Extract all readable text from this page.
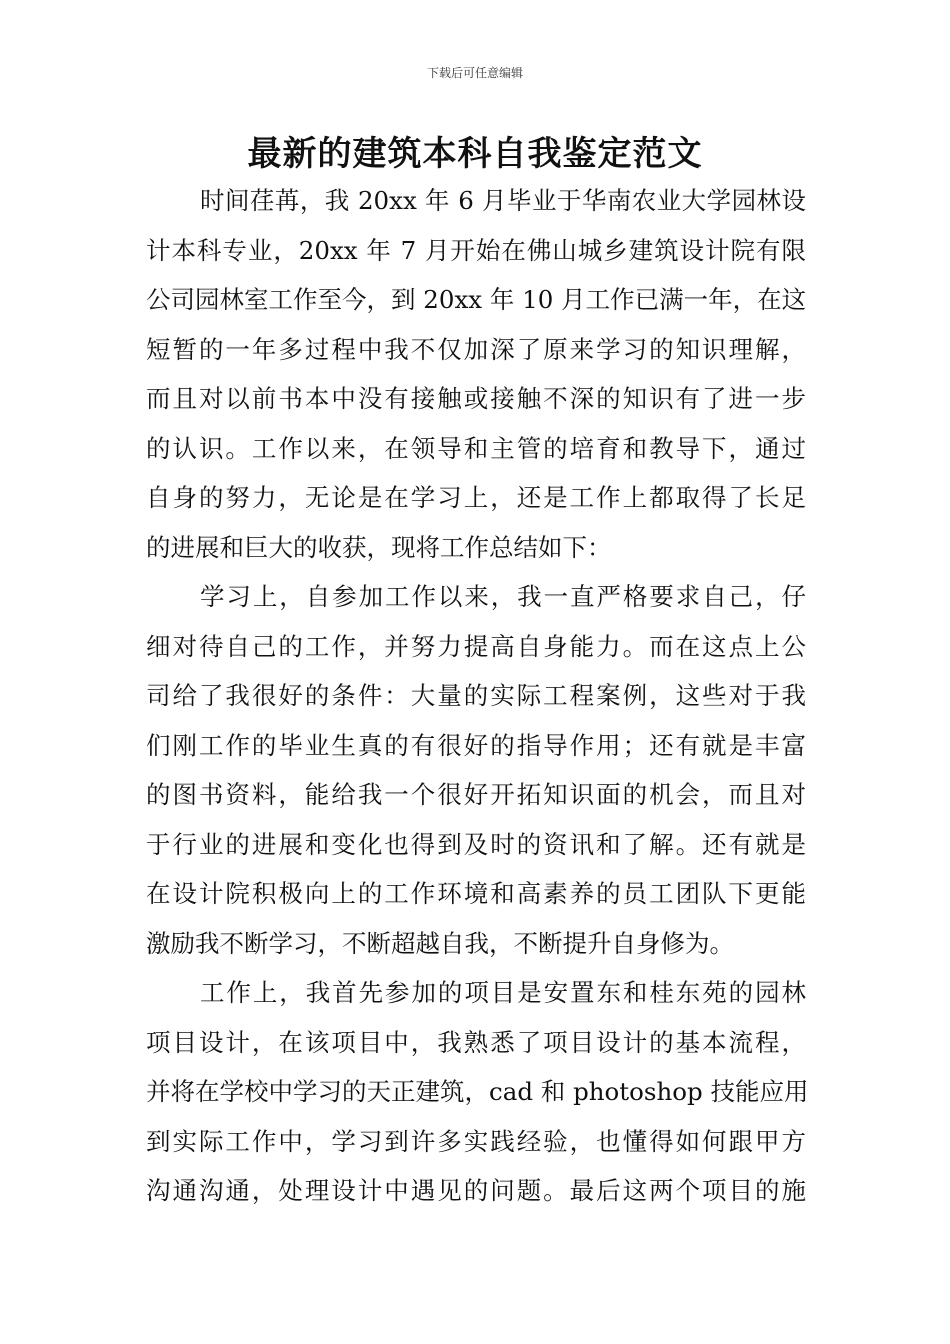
下载后可任意编辑
最新的建筑本科自我鉴定范文
时间荏苒，我 20xx 年 6 月毕业于华南农业大学园林设
计本科专业，20xx 年 7 月开始在佛山城乡建筑设计院有限
公司园林室工作至今，到 20xx 年 10 月工作已满一年，在这
短暂的一年多过程中我不仅加深了原来学习的知识理解，
而且对以前书本中没有接触或接触不深的知识有了进一步
的认识。工作以来，在领导和主管的培育和教导下，通过
自身的努力，无论是在学习上，还是工作上都取得了长足
的进展和巨大的收获，现将工作总结如下：
学习上，自参加工作以来，我一直严格要求自己，仔
细对待自己的工作，并努力提高自身能力。而在这点上公
司给了我很好的条件：大量的实际工程案例，这些对于我
们刚工作的毕业生真的有很好的指导作用；还有就是丰富
的图书资料，能给我一个很好开拓知识面的机会，而且对
于行业的进展和变化也得到及时的资讯和了解。还有就是
在设计院积极向上的工作环境和高素养的员工团队下更能
激励我不断学习，不断超越自我，不断提升自身修为。
工作上，我首先参加的项目是安置东和桂东苑的园林
项目设计，在该项目中，我熟悉了项目设计的基本流程，
并将在学校中学习的天正建筑，cad 和 photoshop 技能应用
到实际工作中，学习到许多实践经验，也懂得如何跟甲方
沟通沟通，处理设计中遇见的问题。最后这两个项目的施
